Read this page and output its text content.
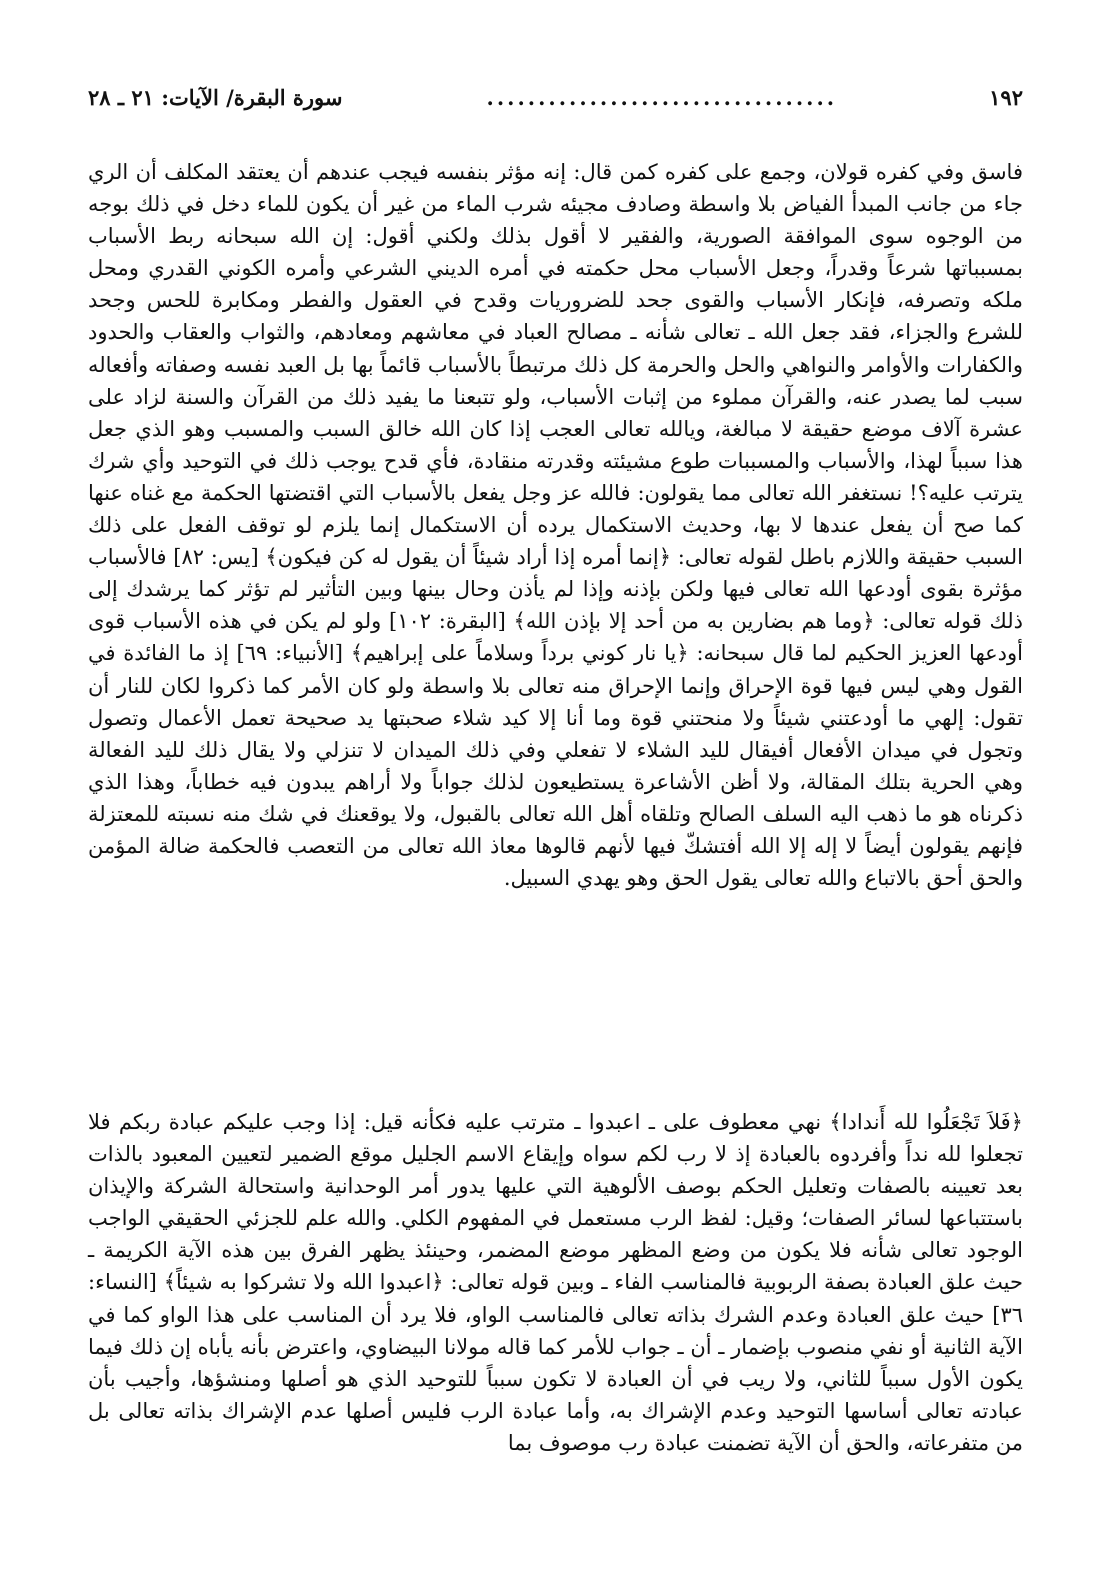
١٩٢
..................................
سورة البقرة/ الآيات: ٢١ ـ ٢٨

فاسق وفي كفره قولان، وجمع على كفره كمن قال: إنه مؤثر بنفسه فيجب عندهم أن يعتقد المكلف أن الري جاء من جانب المبدأ الفياض بلا واسطة وصادف مجيئه شرب الماء من غير أن يكون للماء دخل في ذلك بوجه من الوجوه سوى الموافقة الصورية، والفقير لا أقول بذلك ولكني أقول: إن الله سبحانه ربط الأسباب بمسبباتها شرعاً وقدراً، وجعل الأسباب محل حكمته في أمره الديني الشرعي وأمره الكوني القدري ومحل ملكه وتصرفه، فإنكار الأسباب والقوى جحد للضروريات وقدح في العقول والفطر ومكابرة للحس وجحد للشرع والجزاء، فقد جعل الله ـ تعالى شأنه ـ مصالح العباد في معاشهم ومعادهم، والثواب والعقاب والحدود والكفارات والأوامر والنواهي والحل والحرمة كل ذلك مرتبطاً بالأسباب قائماً بها بل العبد نفسه وصفاته وأفعاله سبب لما يصدر عنه، والقرآن مملوء من إثبات الأسباب، ولو تتبعنا ما يفيد ذلك من القرآن والسنة لزاد على عشرة آلاف موضع حقيقة لا مبالغة، ويالله تعالى العجب إذا كان الله خالق السبب والمسبب وهو الذي جعل هذا سبباً لهذا، والأسباب والمسببات طوع مشيئته وقدرته منقادة، فأي قدح يوجب ذلك في التوحيد وأي شرك يترتب عليه؟! نستغفر الله تعالى مما يقولون: فالله عز وجل يفعل بالأسباب التي اقتضتها الحكمة مع غناه عنها كما صح أن يفعل عندها لا بها، وحديث الاستكمال يرده أن الاستكمال إنما يلزم لو توقف الفعل على ذلك السبب حقيقة واللازم باطل لقوله تعالى: ﴿إنما أمره إذا أراد شيئاً أن يقول له كن فيكون﴾ [يس: ٨٢] فالأسباب مؤثرة بقوى أودعها الله تعالى فيها ولكن بإذنه وإذا لم يأذن وحال بينها وبين التأثير لم تؤثر كما يرشدك إلى ذلك قوله تعالى: ﴿وما هم بضارين به من أحد إلا بإذن الله﴾ [البقرة: ١٠٢] ولو لم يكن في هذه الأسباب قوى أودعها العزيز الحكيم لما قال سبحانه: ﴿يا نار كوني برداً وسلاماً على إبراهيم﴾ [الأنبياء: ٦٩] إذ ما الفائدة في القول وهي ليس فيها قوة الإحراق وإنما الإحراق منه تعالى بلا واسطة ولو كان الأمر كما ذكروا لكان للنار أن تقول: إلهي ما أودعتني شيئاً ولا منحتني قوة وما أنا إلا كيد شلاء صحبتها يد صحيحة تعمل الأعمال وتصول وتجول في ميدان الأفعال أفيقال لليد الشلاء لا تفعلي وفي ذلك الميدان لا تنزلي ولا يقال ذلك لليد الفعالة وهي الحرية بتلك المقالة، ولا أظن الأشاعرة يستطيعون لذلك جواباً ولا أراهم يبدون فيه خطاباً، وهذا الذي ذكرناه هو ما ذهب اليه السلف الصالح وتلقاه أهل الله تعالى بالقبول، ولا يوقعنك في شك منه نسبته للمعتزلة فإنهم يقولون أيضاً لا إله إلا الله أفتشكّ فيها لأنهم قالوها معاذ الله تعالى من التعصب فالحكمة ضالة المؤمن والحق أحق بالاتباع والله تعالى يقول الحق وهو يهدي السبيل.

﴿فَلاَ تَجْعَلُوا لله أَندادا﴾ نهي معطوف على ـ اعبدوا ـ مترتب عليه فكأنه قيل: إذا وجب عليكم عبادة ربكم فلا تجعلوا لله نداً وأفردوه بالعبادة إذ لا رب لكم سواه وإيقاع الاسم الجليل موقع الضمير لتعيين المعبود بالذات بعد تعيينه بالصفات وتعليل الحكم بوصف الألوهية التي عليها يدور أمر الوحدانية واستحالة الشركة والإيذان باستتباعها لسائر الصفات؛ وقيل: لفظ الرب مستعمل في المفهوم الكلي. والله علم للجزئي الحقيقي الواجب الوجود تعالى شأنه فلا يكون من وضع المظهر موضع المضمر، وحينئذ يظهر الفرق بين هذه الآية الكريمة ـ حيث علق العبادة بصفة الربوبية فالمناسب الفاء ـ وبين قوله تعالى: ﴿اعبدوا الله ولا تشركوا به شيئاً﴾ [النساء: ٣٦] حيث علق العبادة وعدم الشرك بذاته تعالى فالمناسب الواو، فلا يرد أن المناسب على هذا الواو كما في الآية الثانية أو نفي منصوب بإضمار ـ أن ـ جواب للأمر كما قاله مولانا البيضاوي، واعترض بأنه يأباه إن ذلك فيما يكون الأول سبباً للثاني، ولا ريب في أن العبادة لا تكون سبباً للتوحيد الذي هو أصلها ومنشؤها، وأجيب بأن عبادته تعالى أساسها التوحيد وعدم الإشراك به، وأما عبادة الرب فليس أصلها عدم الإشراك بذاته تعالى بل من متفرعاته، والحق أن الآية تضمنت عبادة رب موصوف بما
